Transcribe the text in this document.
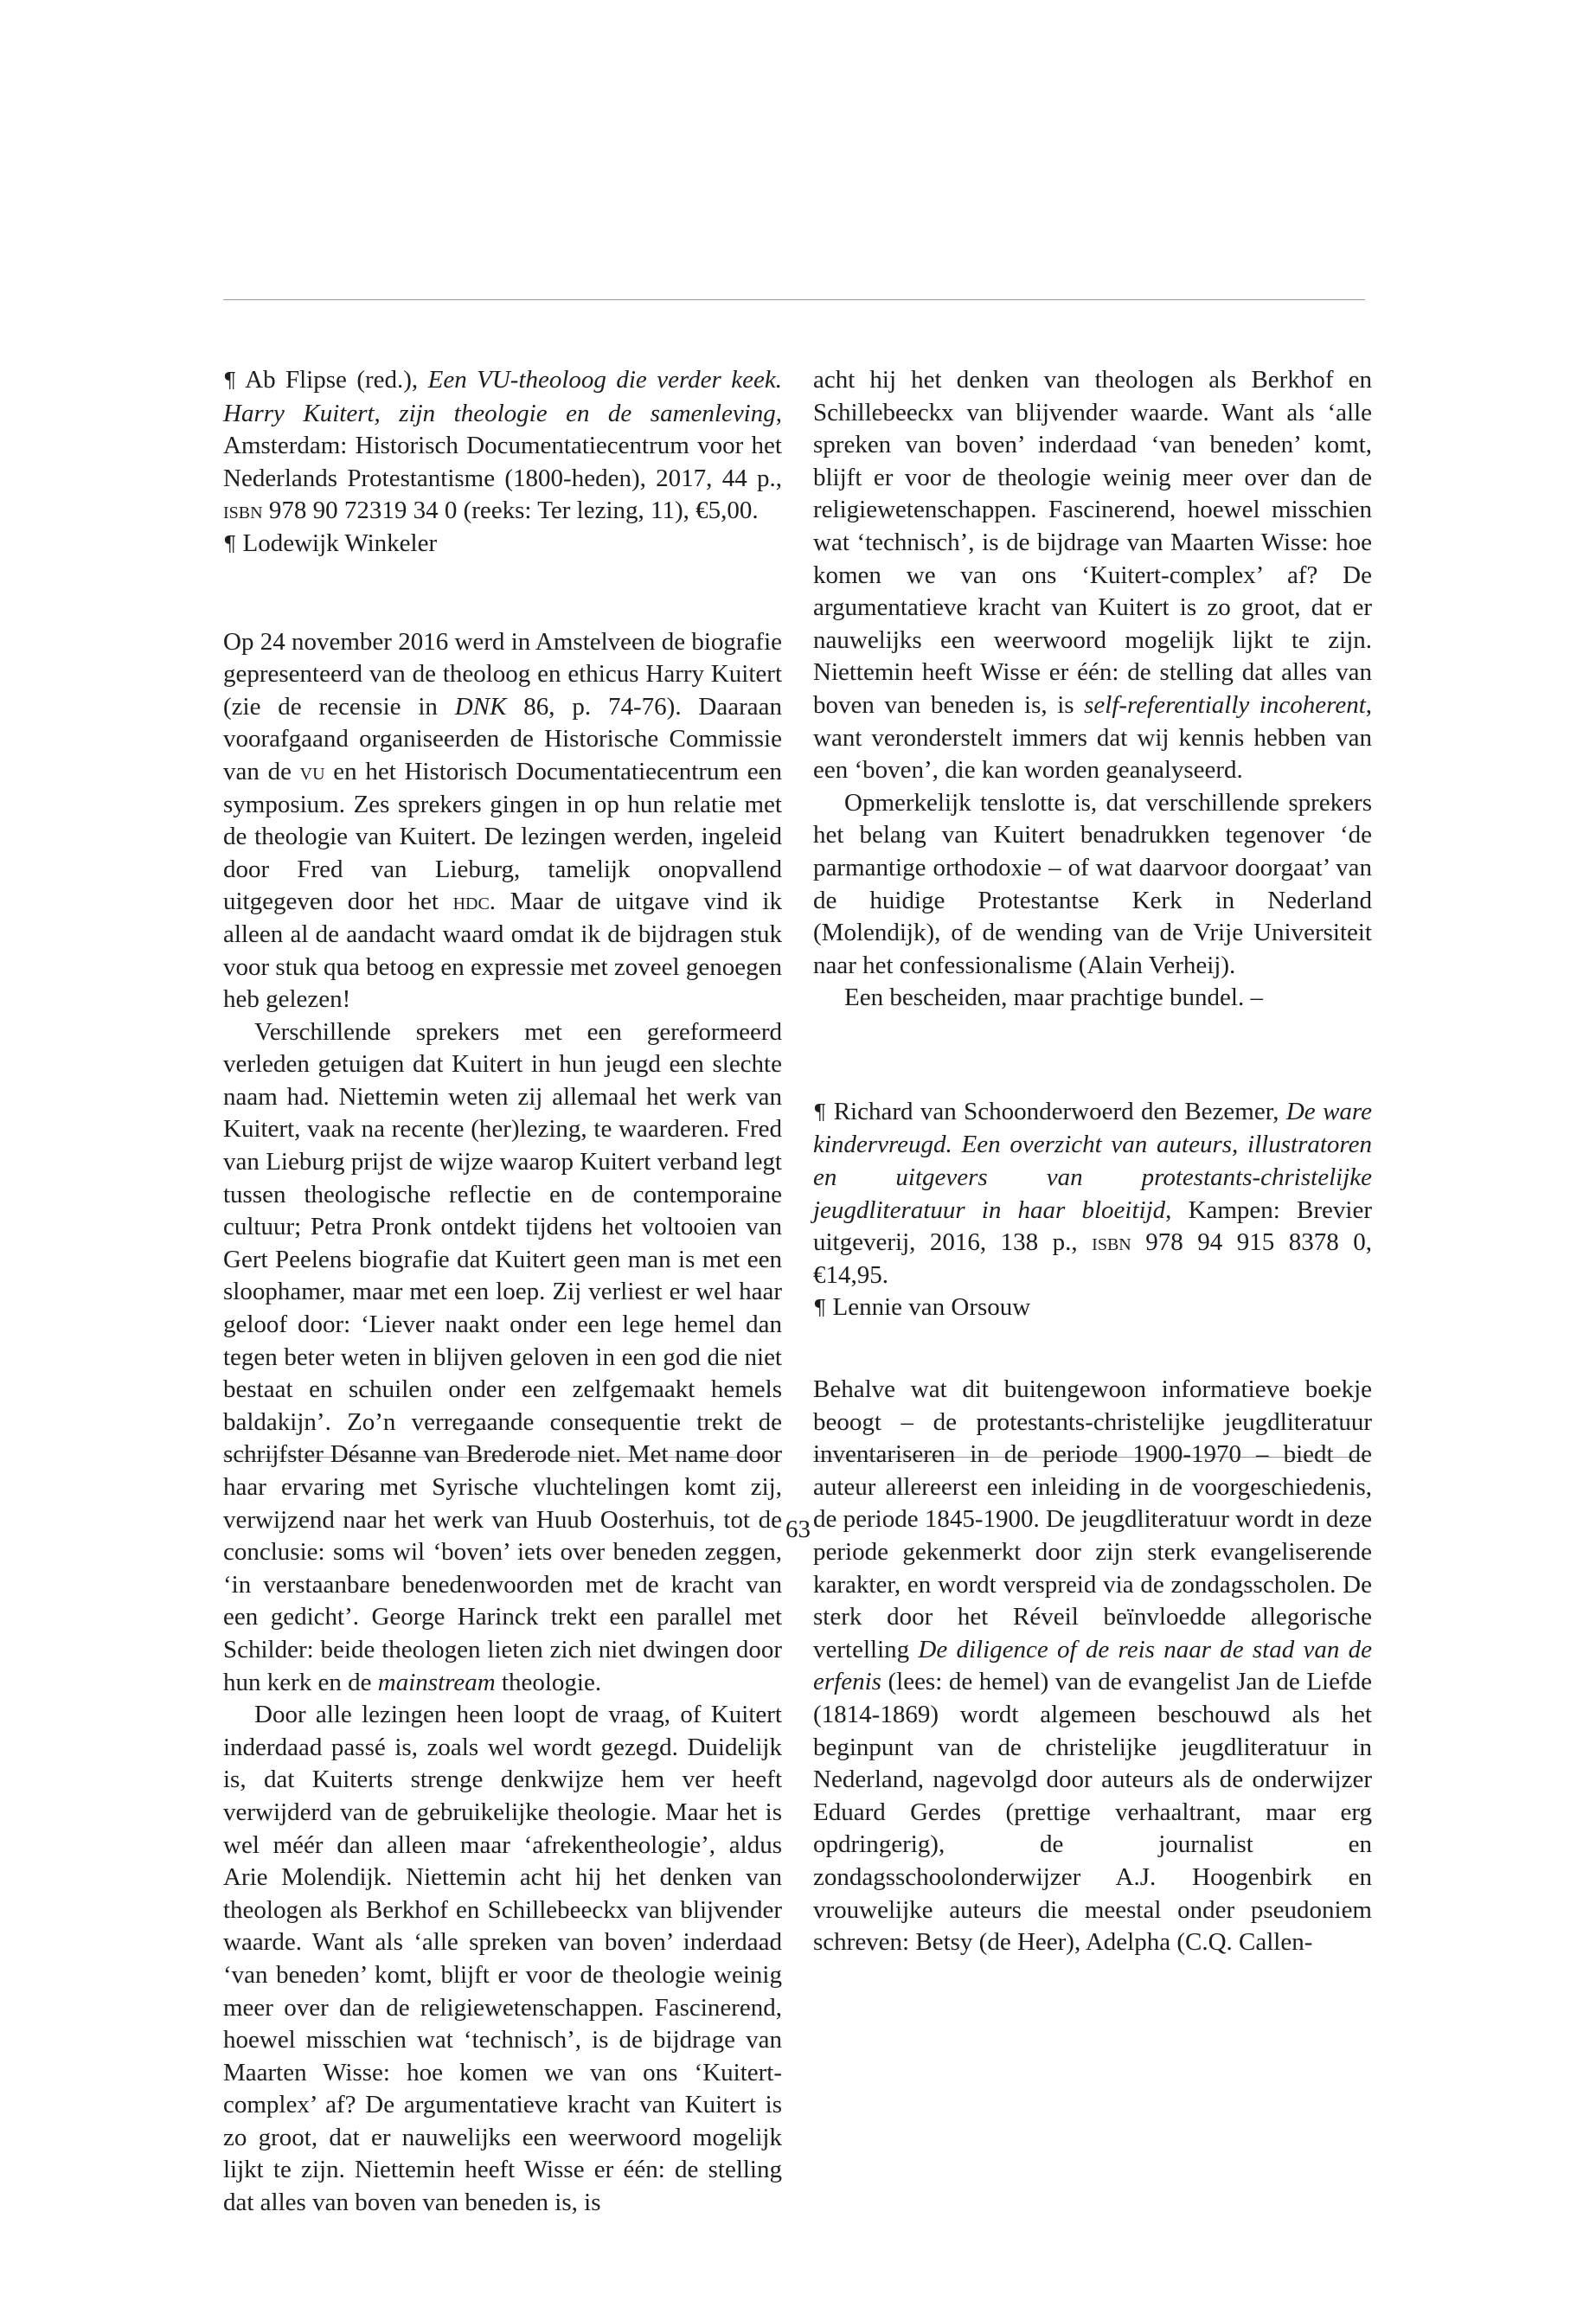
¶ Ab Flipse (red.), Een VU-theoloog die verder keek. Harry Kuitert, zijn theologie en de samenleving, Amsterdam: Historisch Documentatiecentrum voor het Nederlands Protestantisme (1800-heden), 2017, 44 p., isbn 978 90 72319 34 0 (reeks: Ter lezing, 11), €5,00.

¶ Lodewijk Winkeler

Op 24 november 2016 werd in Amstelveen de biografie gepresenteerd van de theoloog en ethicus Harry Kuitert (zie de recensie in DNK 86, p. 74-76). Daaraan voorafgaand organiseerden de Historische Commissie van de vu en het Historisch Documentatiecentrum een symposium. Zes sprekers gingen in op hun relatie met de theologie van Kuitert. De lezingen werden, ingeleid door Fred van Lieburg, tamelijk onopvallend uitgegeven door het hdc. Maar de uitgave vind ik alleen al de aandacht waard omdat ik de bijdragen stuk voor stuk qua betoog en expressie met zoveel genoegen heb gelezen!

Verschillende sprekers met een gereformeerd verleden getuigen dat Kuitert in hun jeugd een slechte naam had. Niettemin weten zij allemaal het werk van Kuitert, vaak na recente (her)lezing, te waarderen. Fred van Lieburg prijst de wijze waarop Kuitert verband legt tussen theologische reflectie en de contemporaine cultuur; Petra Pronk ontdekt tijdens het voltooien van Gert Peelens biografie dat Kuitert geen man is met een sloophamer, maar met een loep. Zij verliest er wel haar geloof door: ‘Liever naakt onder een lege hemel dan tegen beter weten in blijven geloven in een god die niet bestaat en schuilen onder een zelfgemaakt hemels baldakijn’. Zo’n verregaande consequentie trekt de schrijfster Désanne van Brederode niet. Met name door haar ervaring met Syrische vluchtelingen komt zij, verwijzend naar het werk van Huub Oosterhuis, tot de conclusie: soms wil ‘boven’ iets over beneden zeggen, ‘in verstaanbare benedenwoorden met de kracht van een gedicht’. George Harinck trekt een parallel met Schilder: beide theologen lieten zich niet dwingen door hun kerk en de mainstream theologie.

Door alle lezingen heen loopt de vraag, of Kuitert inderdaad passé is, zoals wel wordt gezegd. Duidelijk is, dat Kuiterts strenge denkwijze hem ver heeft verwijderd van de gebruikelijke theologie. Maar het is wel méér dan alleen maar ‘afrekentheologie’, aldus Arie Molendijk. Niettemin acht hij het denken van theologen als Berkhof en Schillebeeckx van blijvender waarde. Want als ‘alle spreken van boven’ inderdaad ‘van beneden’ komt, blijft er voor de theologie weinig meer over dan de religiewetenschappen. Fascinerend, hoewel misschien wat ‘technisch’, is de bijdrage van Maarten Wisse: hoe komen we van ons ‘Kuitert-complex’ af? De argumentatieve kracht van Kuitert is zo groot, dat er nauwelijks een weerwoord mogelijk lijkt te zijn. Niettemin heeft Wisse er één: de stelling dat alles van boven van beneden is, is

acht hij het denken van theologen als Berkhof en Schillebeeckx van blijvender waarde. Want als ‘alle spreken van boven’ inderdaad ‘van beneden’ komt, blijft er voor de theologie weinig meer over dan de religiewetenschappen. Fascinerend, hoewel misschien wat ‘technisch’, is de bijdrage van Maarten Wisse: hoe komen we van ons ‘Kuitert-complex’ af? De argumentatieve kracht van Kuitert is zo groot, dat er nauwelijks een weerwoord mogelijk lijkt te zijn. Niettemin heeft Wisse er één: de stelling dat alles van boven van beneden is, is self-referentially incoherent, want veronderstelt immers dat wij kennis hebben van een ‘boven’, die kan worden geanalyseerd.

Opmerkelijk tenslotte is, dat verschillende sprekers het belang van Kuitert benadrukken tegenover ‘de parmantige orthodoxie – of wat daarvoor doorgaat’ van de huidige Protestantse Kerk in Nederland (Molendijk), of de wending van de Vrije Universiteit naar het confessionalisme (Alain Verheij).

Een bescheiden, maar prachtige bundel. –

¶ Richard van Schoonderwoerd den Bezemer, De ware kindervreugd. Een overzicht van auteurs, illustratoren en uitgevers van protestants-christelijke jeugdliteratuur in haar bloeitijd, Kampen: Brevier uitgeverij, 2016, 138 p., isbn 978 94 915 8378 0, €14,95.

¶ Lennie van Orsouw

Behalve wat dit buitengewoon informatieve boekje beoogt – de protestants-christelijke jeugdliteratuur inventariseren in de periode 1900-1970 – biedt de auteur allereerst een inleiding in de voorgeschiedenis, de periode 1845-1900. De jeugdliteratuur wordt in deze periode gekenmerkt door zijn sterk evangeliserende karakter, en wordt verspreid via de zondagsscholen. De sterk door het Réveil beïnvloedde allegorische vertelling De diligence of de reis naar de stad van de erfenis (lees: de hemel) van de evangelist Jan de Liefde (1814-1869) wordt algemeen beschouwd als het beginpunt van de christelijke jeugdliteratuur in Nederland, nagevolgd door auteurs als de onderwijzer Eduard Gerdes (prettige verhaaltrant, maar erg opdringerig), de journalist en zondagsschoolonderwijzer A.J. Hoogenbirk en vrouwelijke auteurs die meestal onder pseudoniem schreven: Betsy (de Heer), Adelpha (C.Q. Callen-

63
